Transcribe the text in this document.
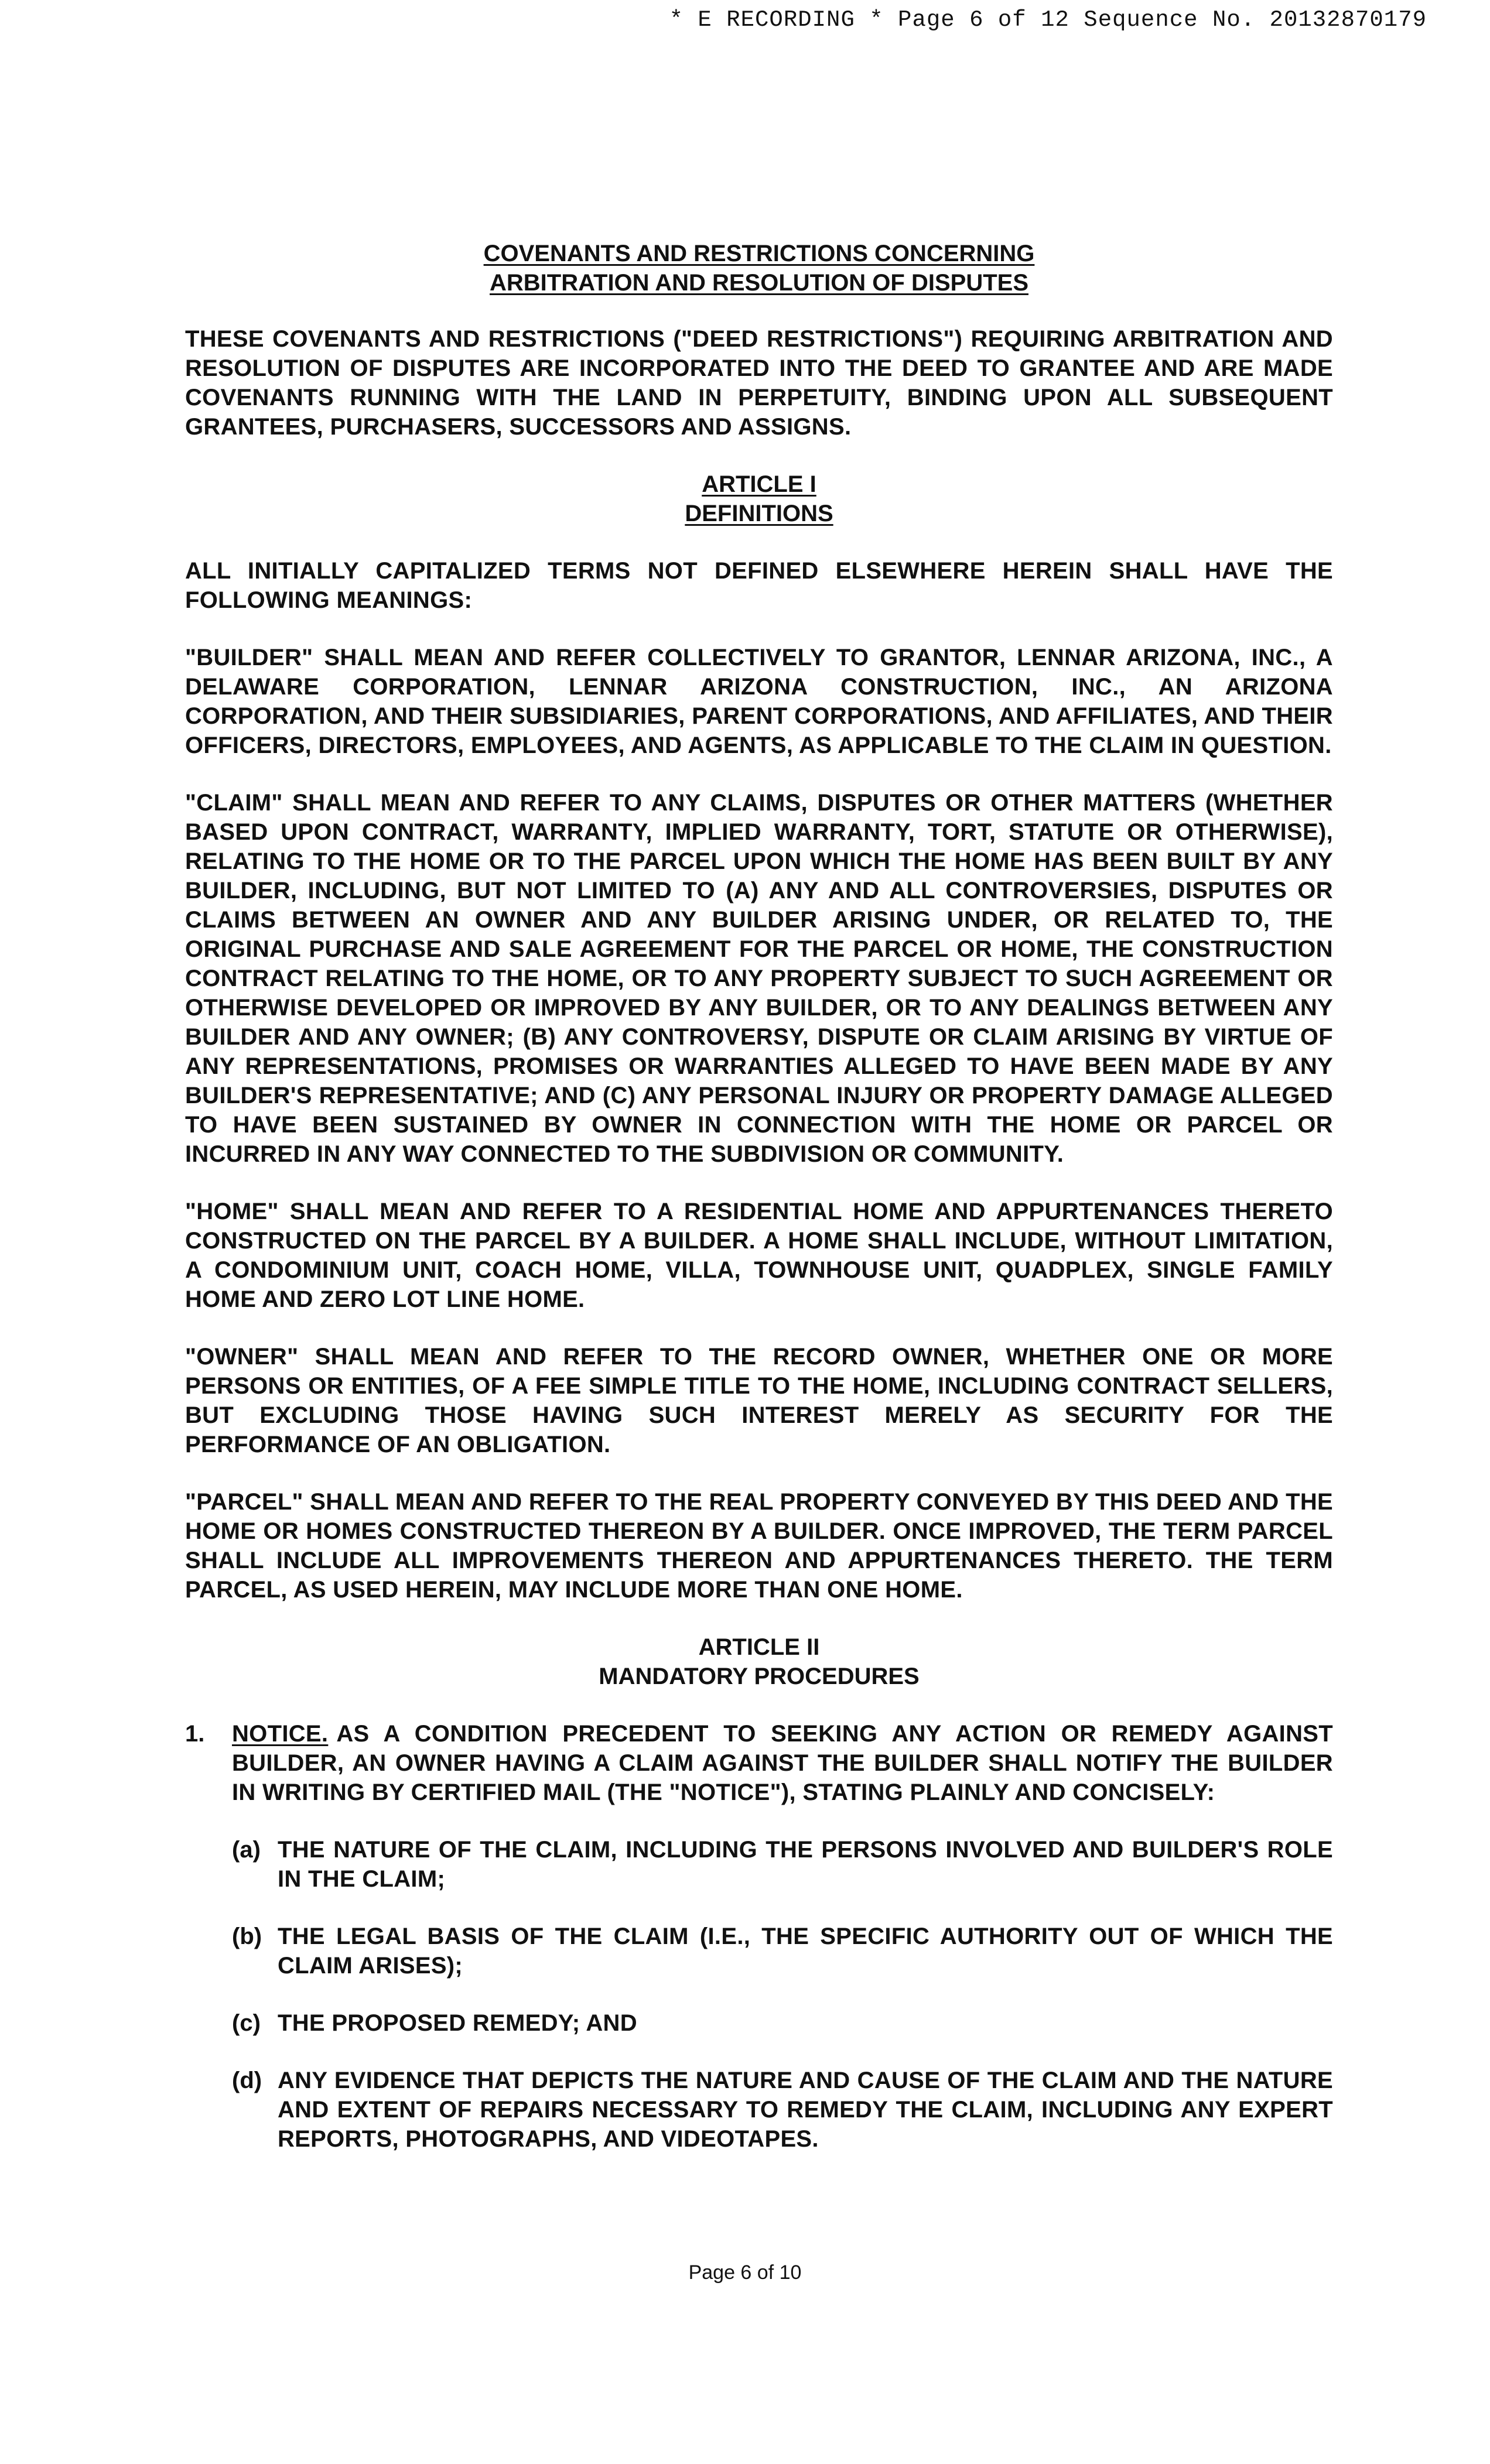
* E RECORDING * Page 6 of 12 Sequence No. 20132870179
COVENANTS AND RESTRICTIONS CONCERNING
ARBITRATION AND RESOLUTION OF DISPUTES

THESE COVENANTS AND RESTRICTIONS ("DEED RESTRICTIONS") REQUIRING ARBITRATION AND RESOLUTION OF DISPUTES ARE INCORPORATED INTO THE DEED TO GRANTEE AND ARE MADE COVENANTS RUNNING WITH THE LAND IN PERPETUITY, BINDING UPON ALL SUBSEQUENT GRANTEES, PURCHASERS, SUCCESSORS AND ASSIGNS.

ARTICLE I
DEFINITIONS

ALL INITIALLY CAPITALIZED TERMS NOT DEFINED ELSEWHERE HEREIN SHALL HAVE THE FOLLOWING MEANINGS:

"BUILDER" SHALL MEAN AND REFER COLLECTIVELY TO GRANTOR, LENNAR ARIZONA, INC., A DELAWARE CORPORATION, LENNAR ARIZONA CONSTRUCTION, INC., AN ARIZONA CORPORATION, AND THEIR SUBSIDIARIES, PARENT CORPORATIONS, AND AFFILIATES, AND THEIR OFFICERS, DIRECTORS, EMPLOYEES, AND AGENTS, AS APPLICABLE TO THE CLAIM IN QUESTION.

"CLAIM" SHALL MEAN AND REFER TO ANY CLAIMS, DISPUTES OR OTHER MATTERS (WHETHER BASED UPON CONTRACT, WARRANTY, IMPLIED WARRANTY, TORT, STATUTE OR OTHERWISE), RELATING TO THE HOME OR TO THE PARCEL UPON WHICH THE HOME HAS BEEN BUILT BY ANY BUILDER, INCLUDING, BUT NOT LIMITED TO (A) ANY AND ALL CONTROVERSIES, DISPUTES OR CLAIMS BETWEEN AN OWNER AND ANY BUILDER ARISING UNDER, OR RELATED TO, THE ORIGINAL PURCHASE AND SALE AGREEMENT FOR THE PARCEL OR HOME, THE CONSTRUCTION CONTRACT RELATING TO THE HOME, OR TO ANY PROPERTY SUBJECT TO SUCH AGREEMENT OR OTHERWISE DEVELOPED OR IMPROVED BY ANY BUILDER, OR TO ANY DEALINGS BETWEEN ANY BUILDER AND ANY OWNER; (B) ANY CONTROVERSY, DISPUTE OR CLAIM ARISING BY VIRTUE OF ANY REPRESENTATIONS, PROMISES OR WARRANTIES ALLEGED TO HAVE BEEN MADE BY ANY BUILDER'S REPRESENTATIVE; AND (C) ANY PERSONAL INJURY OR PROPERTY DAMAGE ALLEGED TO HAVE BEEN SUSTAINED BY OWNER IN CONNECTION WITH THE HOME OR PARCEL OR INCURRED IN ANY WAY CONNECTED TO THE SUBDIVISION OR COMMUNITY.

"HOME" SHALL MEAN AND REFER TO A RESIDENTIAL HOME AND APPURTENANCES THERETO CONSTRUCTED ON THE PARCEL BY A BUILDER. A HOME SHALL INCLUDE, WITHOUT LIMITATION, A CONDOMINIUM UNIT, COACH HOME, VILLA, TOWNHOUSE UNIT, QUADPLEX, SINGLE FAMILY HOME AND ZERO LOT LINE HOME.

"OWNER" SHALL MEAN AND REFER TO THE RECORD OWNER, WHETHER ONE OR MORE PERSONS OR ENTITIES, OF A FEE SIMPLE TITLE TO THE HOME, INCLUDING CONTRACT SELLERS, BUT EXCLUDING THOSE HAVING SUCH INTEREST MERELY AS SECURITY FOR THE PERFORMANCE OF AN OBLIGATION.

"PARCEL" SHALL MEAN AND REFER TO THE REAL PROPERTY CONVEYED BY THIS DEED AND THE HOME OR HOMES CONSTRUCTED THEREON BY A BUILDER. ONCE IMPROVED, THE TERM PARCEL SHALL INCLUDE ALL IMPROVEMENTS THEREON AND APPURTENANCES THERETO. THE TERM PARCEL, AS USED HEREIN, MAY INCLUDE MORE THAN ONE HOME.

ARTICLE II
MANDATORY PROCEDURES
1.	NOTICE. AS A CONDITION PRECEDENT TO SEEKING ANY ACTION OR REMEDY AGAINST BUILDER, AN OWNER HAVING A CLAIM AGAINST THE BUILDER SHALL NOTIFY THE BUILDER IN WRITING BY CERTIFIED MAIL (THE "NOTICE"), STATING PLAINLY AND CONCISELY:
(a) THE NATURE OF THE CLAIM, INCLUDING THE PERSONS INVOLVED AND BUILDER'S ROLE IN THE CLAIM;
(b) THE LEGAL BASIS OF THE CLAIM (I.E., THE SPECIFIC AUTHORITY OUT OF WHICH THE CLAIM ARISES);
(c) THE PROPOSED REMEDY; AND
(d) ANY EVIDENCE THAT DEPICTS THE NATURE AND CAUSE OF THE CLAIM AND THE NATURE AND EXTENT OF REPAIRS NECESSARY TO REMEDY THE CLAIM, INCLUDING ANY EXPERT REPORTS, PHOTOGRAPHS, AND VIDEOTAPES.
Page 6 of 10
